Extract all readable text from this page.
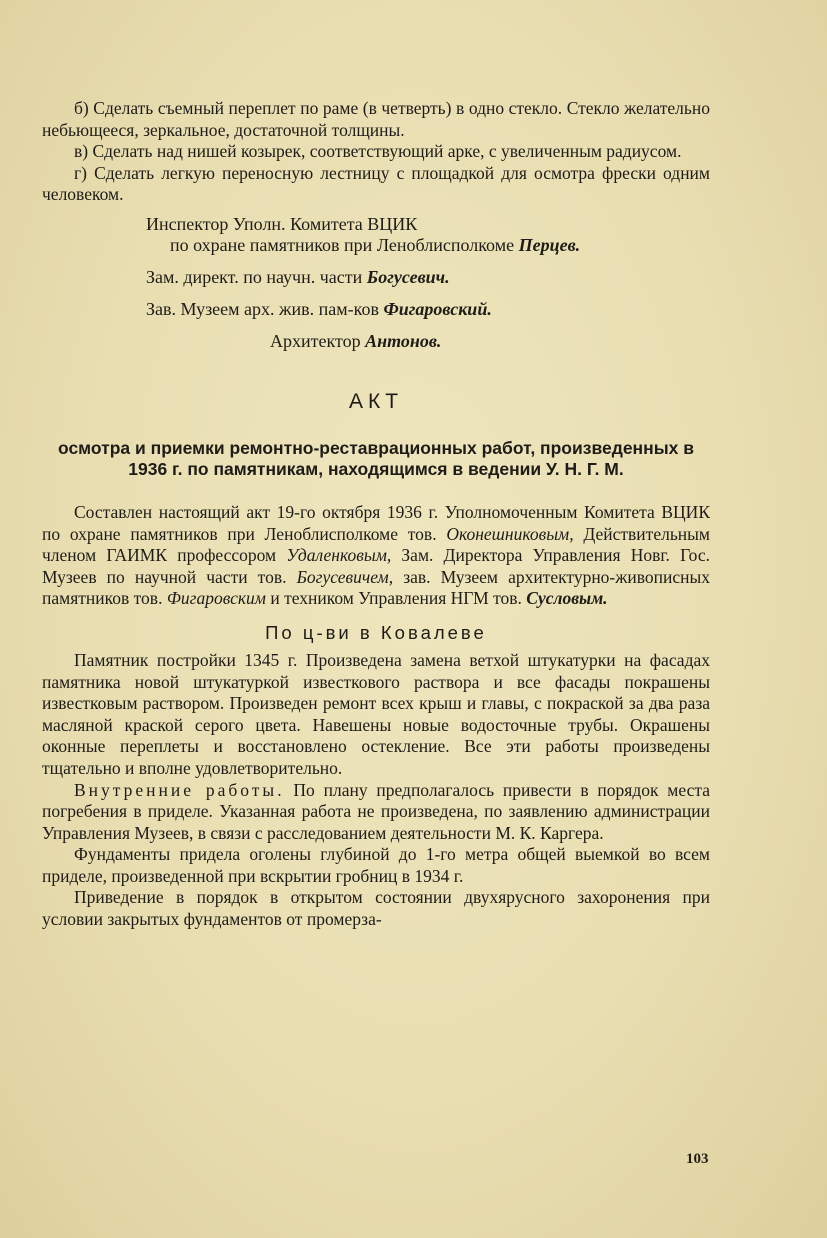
б) Сделать съемный переплет по раме (в четверть) в одно стекло. Стекло желательно небьющееся, зеркальное, достаточной толщины.

в) Сделать над нишей козырек, соответствующий арке, с увеличенным радиусом.

г) Сделать легкую переносную лестницу с площадкой для осмотра фрески одним человеком.

Инспектор Уполн. Комитета ВЦИК
по охране памятников при Леноблисполкоме Перцев.
Зам. директ. по научн. части Богусевич.
Зав. Музеем арх. жив. пам-ков Фигаровский.
Архитектор Антонов.
АКТ
осмотра и приемки ремонтно-реставрационных работ, произведенных в 1936 г. по памятникам, находящимся в ведении У. Н. Г. М.

Составлен настоящий акт 19-го октября 1936 г. Уполномоченным Комитета ВЦИК по охране памятников при Леноблисполкоме тов. Оконешниковым, Действительным членом ГАИМК профессором Удаленковым, Зам. Директора Управления Новг. Гос. Музеев по научной части тов. Богусевичем, зав. Музеем архитектурно-живописных памятников тов. Фигаровским и техником Управления НГМ тов. Сусловым.

По ц-ви в Ковалеве

Памятник постройки 1345 г. Произведена замена ветхой штукатурки на фасадах памятника новой штукатуркой известкового раствора и все фасады покрашены известковым раствором. Произведен ремонт всех крыш и главы, с покраской за два раза масляной краской серого цвета. Навешены новые водосточные трубы. Окрашены оконные переплеты и восстановлено остекление. Все эти работы произведены тщательно и вполне удовлетворительно.

Внутренние работы. По плану предполагалось привести в порядок места погребения в приделе. Указанная работа не произведена, по заявлению администрации Управления Музеев, в связи с расследованием деятельности М. К. Каргера.

Фундаменты придела оголены глубиной до 1-го метра общей выемкой во всем приделе, произведенной при вскрытии гробниц в 1934 г.

Приведение в порядок в открытом состоянии двухярусного захоронения при условии закрытых фундаментов от промерза-

103
